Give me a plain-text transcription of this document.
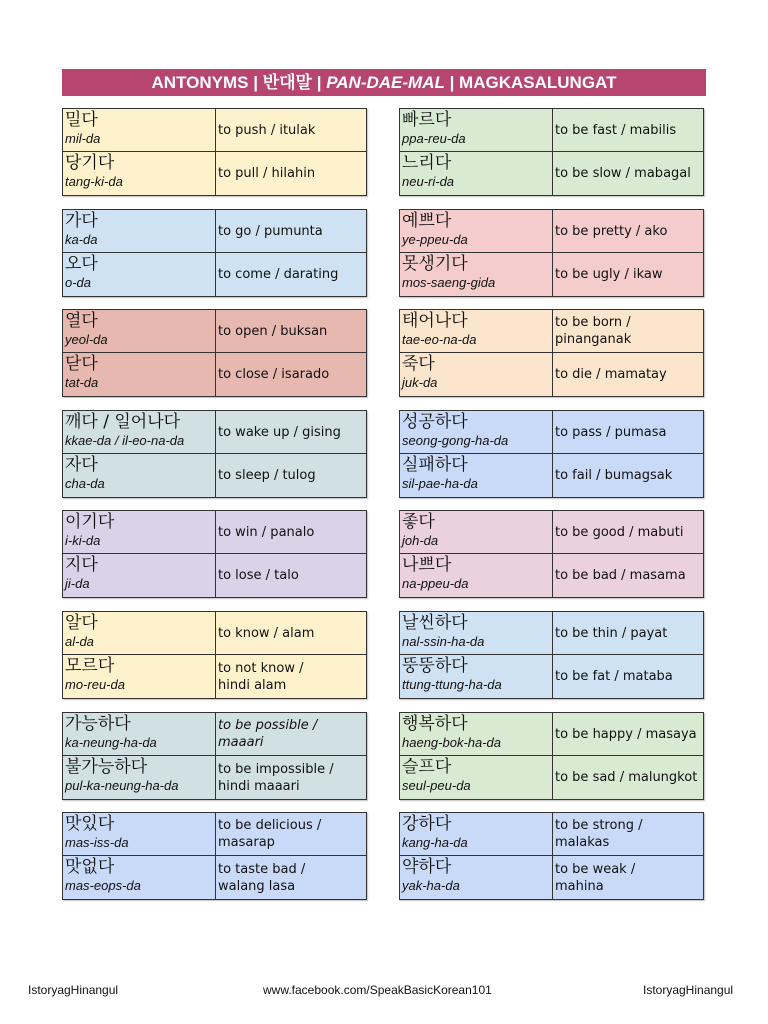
ANTONYMS | 반대말 | PAN-DAE-MAL | MAGKASALUNGAT
밀다
mil-da
to push / itulak
당기다
tang-ki-da
to pull / hilahin
가다
ka-da
to go / pumunta
오다
o-da
to come / darating
열다
yeol-da
to open / buksan
닫다
tat-da
to close / isarado
깨다 / 일어나다
kkae-da / il-eo-na-da
to wake up / gising
자다
cha-da
to sleep / tulog
이기다
i-ki-da
to win / panalo
지다
ji-da
to lose / talo
알다
al-da
to know / alam
모르다
mo-reu-da
to not know /
hindi alam
가능하다
ka-neung-ha-da
to be possible /
maaari
불가능하다
pul-ka-neung-ha-da
to be impossible /
hindi maaari
맛있다
mas-iss-da
to be delicious /
masarap
맛없다
mas-eops-da
to taste bad /
walang lasa
빠르다
ppa-reu-da
to be fast / mabilis
느리다
neu-ri-da
to be slow / mabagal
예쁘다
ye-ppeu-da
to be pretty / ako
못생기다
mos-saeng-gida
to be ugly / ikaw
태어나다
tae-eo-na-da
to be born /
pinanganak
죽다
juk-da
to die / mamatay
성공하다
seong-gong-ha-da
to pass / pumasa
실패하다
sil-pae-ha-da
to fail / bumagsak
좋다
joh-da
to be good / mabuti
나쁘다
na-ppeu-da
to be bad / masama
날씬하다
nal-ssin-ha-da
to be thin / payat
뚱뚱하다
ttung-ttung-ha-da
to be fat / mataba
행복하다
haeng-bok-ha-da
to be happy / masaya
슬프다
seul-peu-da
to be sad / malungkot
강하다
kang-ha-da
to be strong /
malakas
약하다
yak-ha-da
to be weak /
mahina
IstoryagHinangul	www.facebook.com/SpeakBasicKorean101	IstoryagHinangul
